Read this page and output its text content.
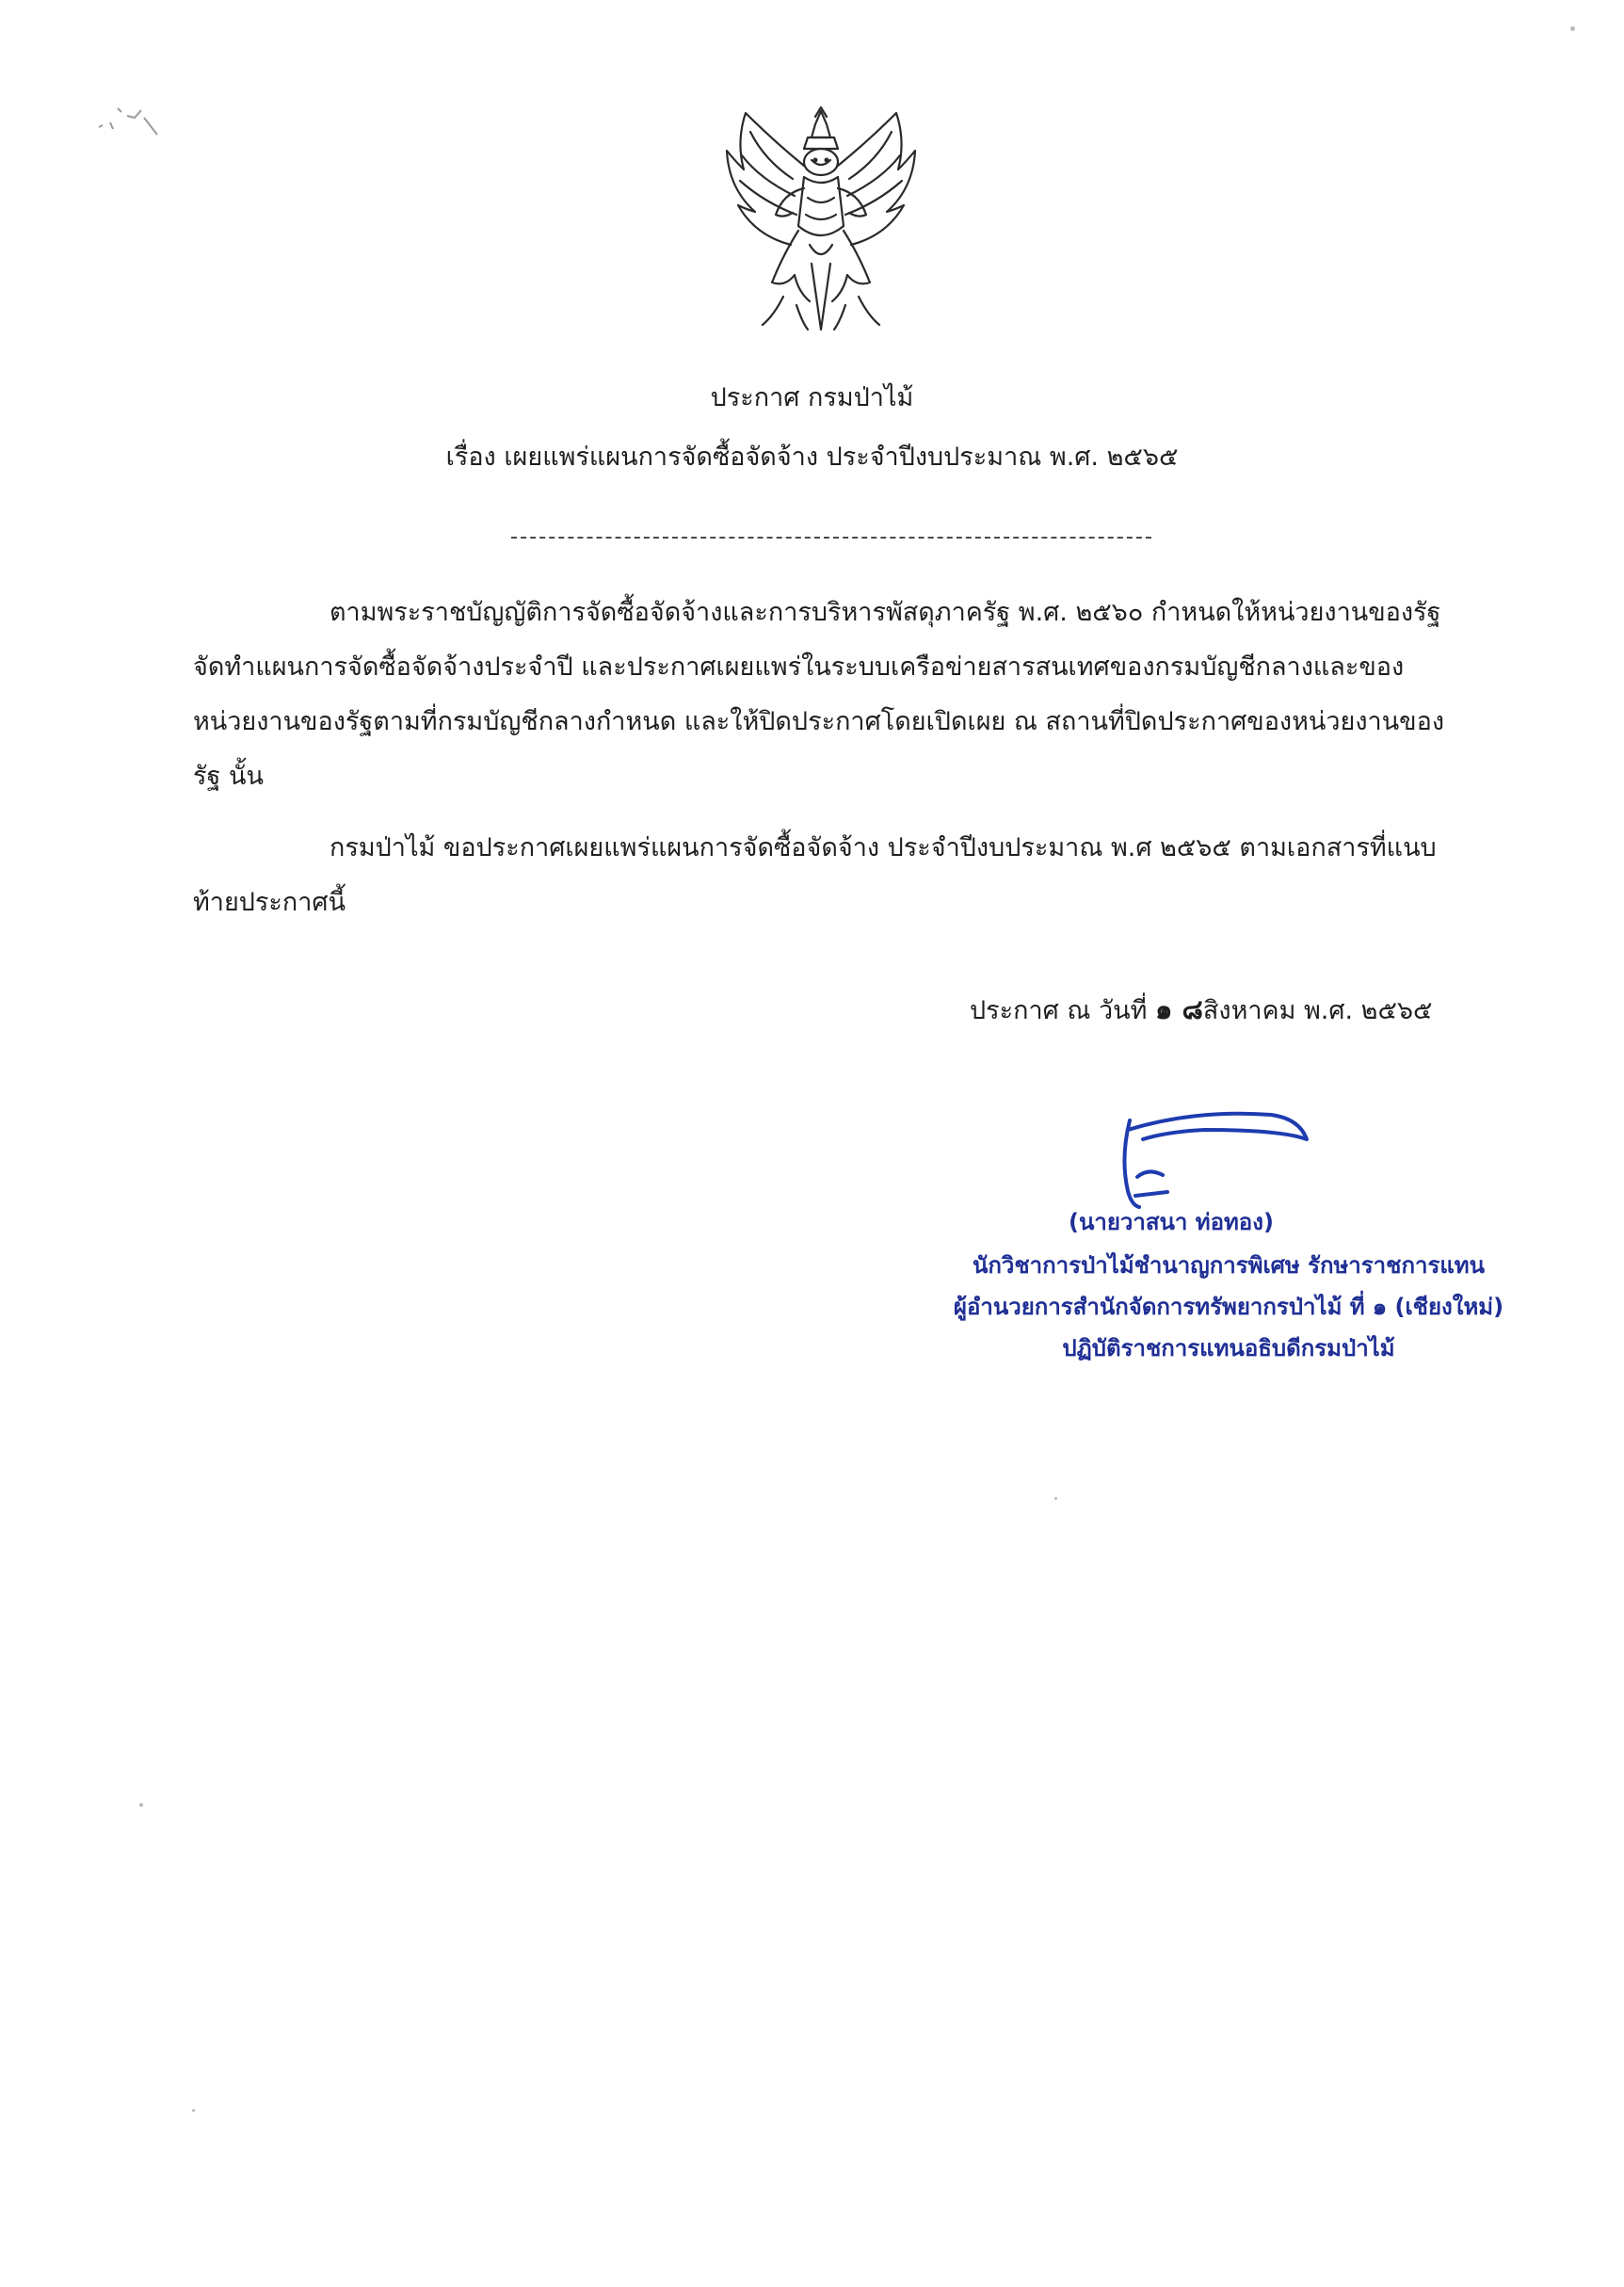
ประกาศ กรมป่าไม้
เรื่อง เผยแพร่แผนการจัดซื้อจัดจ้าง ประจำปีงบประมาณ พ.ศ. ๒๕๖๕
ตามพระราชบัญญัติการจัดซื้อจัดจ้างและการบริหารพัสดุภาครัฐ พ.ศ. ๒๕๖๐ กำหนดให้หน่วยงานของรัฐจัดทำแผนการจัดซื้อจัดจ้างประจำปี และประกาศเผยแพร่ในระบบเครือข่ายสารสนเทศของกรมบัญชีกลางและของหน่วยงานของรัฐตามที่กรมบัญชีกลางกำหนด และให้ปิดประกาศโดยเปิดเผย ณ สถานที่ปิดประกาศของหน่วยงานของรัฐ นั้น
กรมป่าไม้ ขอประกาศเผยแพร่แผนการจัดซื้อจัดจ้าง ประจำปีงบประมาณ พ.ศ ๒๕๖๕ ตามเอกสารที่แนบท้ายประกาศนี้
ประกาศ ณ วันที่ ๑ ๘สิงหาคม พ.ศ. ๒๕๖๕
(นายวาสนา ท่อทอง)
นักวิชาการป่าไม้ชำนาญการพิเศษ รักษาราชการแทน
ผู้อำนวยการสำนักจัดการทรัพยากรป่าไม้ ที่ ๑ (เชียงใหม่)
ปฏิบัติราชการแทนอธิบดีกรมป่าไม้
